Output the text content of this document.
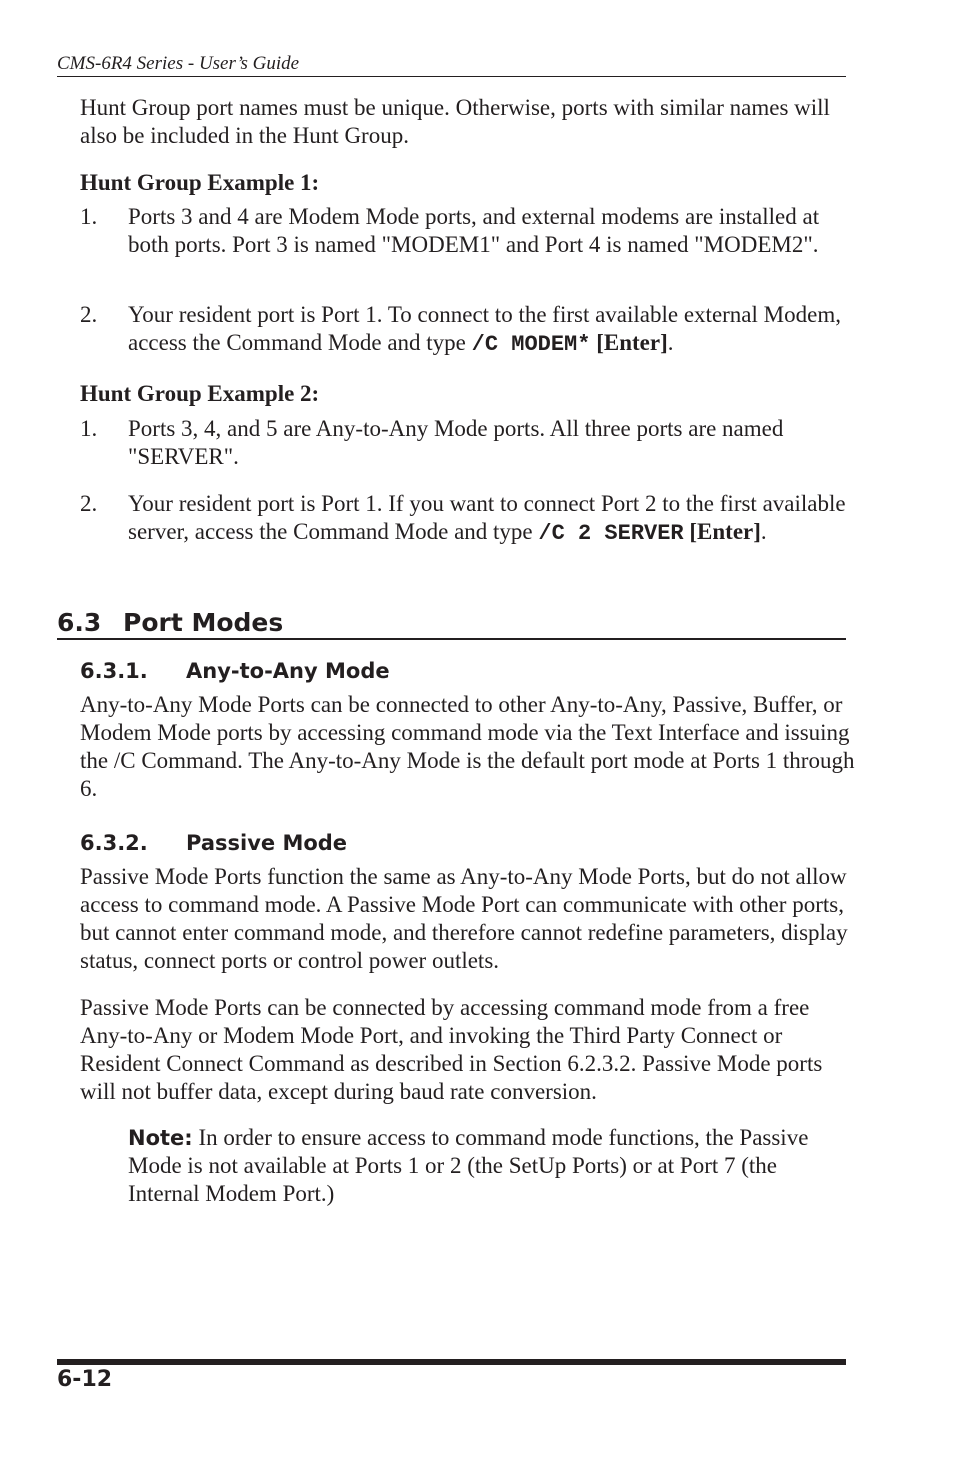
CMS-6R4 Series - User’s Guide
Hunt Group port names must be unique. Otherwise, ports with similar names will also be included in the Hunt Group.
Hunt Group Example 1:
1.	Ports 3 and 4 are Modem Mode ports, and external modems are installed at both ports. Port 3 is named "MODEM1" and Port 4 is named "MODEM2".
2.	Your resident port is Port 1. To connect to the first available external Modem, access the Command Mode and type /C MODEM* [Enter].
Hunt Group Example 2:
1.	Ports 3, 4, and 5 are Any-to-Any Mode ports. All three ports are named "SERVER".
2.	Your resident port is Port 1. If you want to connect Port 2 to the first available server, access the Command Mode and type /C 2 SERVER [Enter].
6.3 Port Modes
6.3.1. Any-to-Any Mode
Any-to-Any Mode Ports can be connected to other Any-to-Any, Passive, Buffer, or Modem Mode ports by accessing command mode via the Text Interface and issuing the /C Command. The Any-to-Any Mode is the default port mode at Ports 1 through 6.
6.3.2. Passive Mode
Passive Mode Ports function the same as Any-to-Any Mode Ports, but do not allow access to command mode. A Passive Mode Port can communicate with other ports, but cannot enter command mode, and therefore cannot redefine parameters, display status, connect ports or control power outlets.
Passive Mode Ports can be connected by accessing command mode from a free Any-to-Any or Modem Mode Port, and invoking the Third Party Connect or Resident Connect Command as described in Section 6.2.3.2. Passive Mode ports will not buffer data, except during baud rate conversion.
Note: In order to ensure access to command mode functions, the Passive Mode is not available at Ports 1 or 2 (the SetUp Ports) or at Port 7 (the Internal Modem Port.)
6-12
